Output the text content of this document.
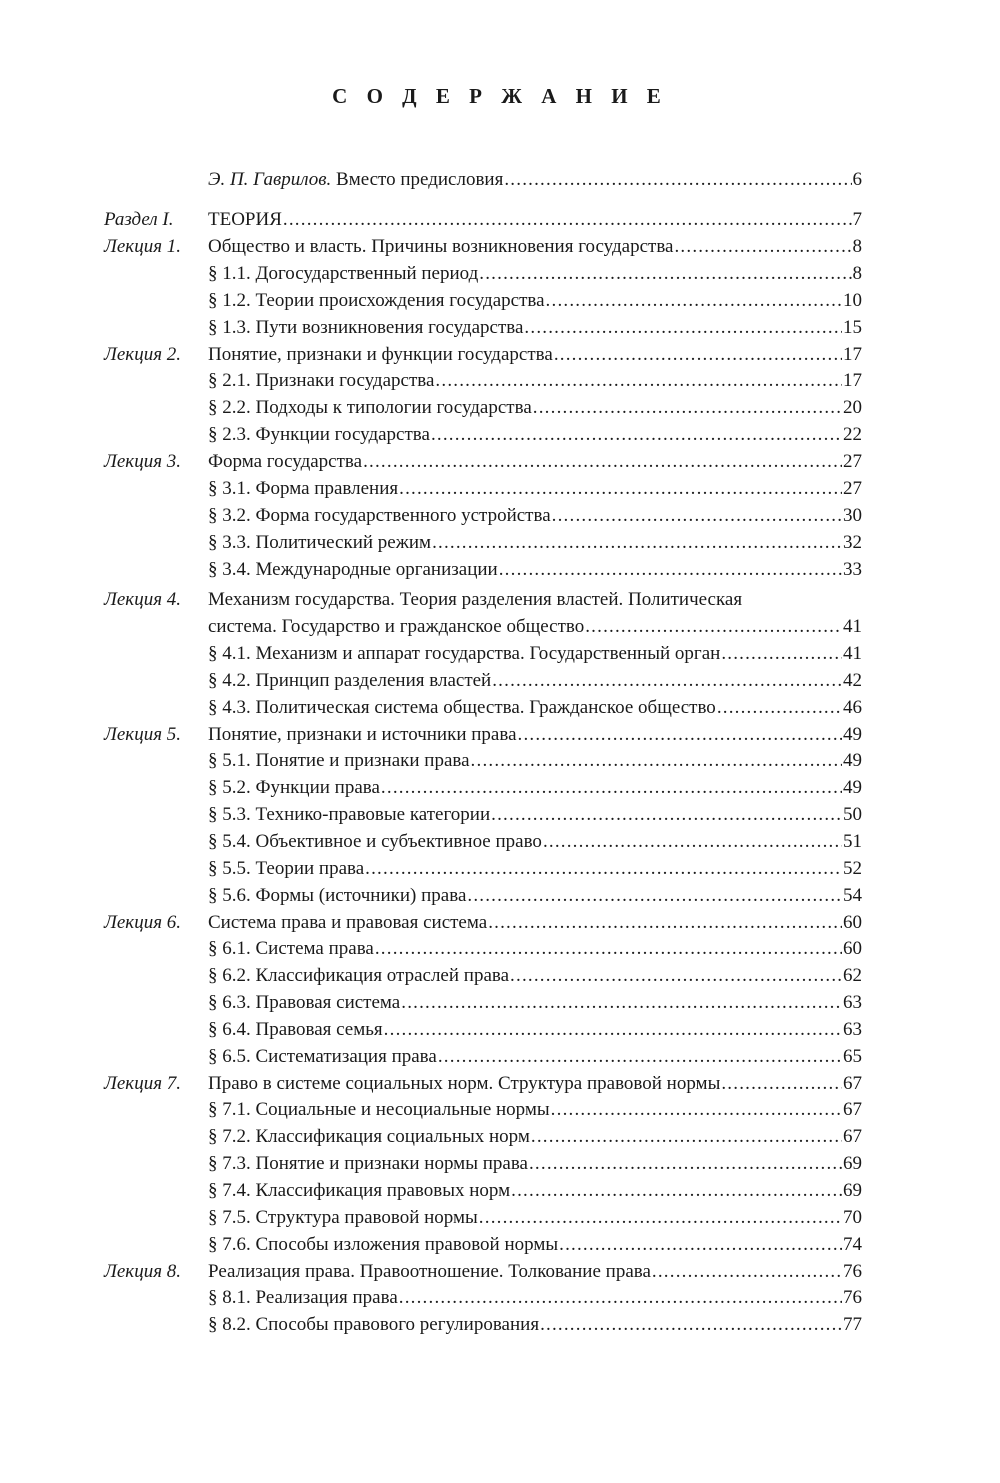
С О Д Е Р Ж А Н И Е
Э. П. Гаврилов. Вместо предисловия .....	6
Раздел I. ТЕОРИЯ .....	7
Лекция 1. Общество и власть. Причины возникновения государства .....	8
§ 1.1. Догосударственный период .....	8
§ 1.2. Теории происхождения государства .....	10
§ 1.3. Пути возникновения государства .....	15
Лекция 2. Понятие, признаки и функции государства .....	17
§ 2.1. Признаки государства .....	17
§ 2.2. Подходы к типологии государства .....	20
§ 2.3. Функции государства .....	22
Лекция 3. Форма государства .....	27
§ 3.1. Форма правления .....	27
§ 3.2. Форма государственного устройства .....	30
§ 3.3. Политический режим .....	32
§ 3.4. Международные организации .....	33
Лекция 4. Механизм государства. Теория разделения властей. Политическая
система. Государство и гражданское общество .....	41
§ 4.1. Механизм и аппарат государства. Государственный орган .....	41
§ 4.2. Принцип разделения властей .....	42
§ 4.3. Политическая система общества. Гражданское общество .....	46
Лекция 5. Понятие, признаки и источники права .....	49
§ 5.1. Понятие и признаки права .....	49
§ 5.2. Функции права .....	49
§ 5.3. Технико-правовые категории .....	50
§ 5.4. Объективное и субъективное право .....	51
§ 5.5. Теории права .....	52
§ 5.6. Формы (источники) права .....	54
Лекция 6. Система права и правовая система .....	60
§ 6.1. Система права .....	60
§ 6.2. Классификация отраслей права .....	62
§ 6.3. Правовая система .....	63
§ 6.4. Правовая семья .....	63
§ 6.5. Систематизация права .....	65
Лекция 7. Право в системе социальных норм. Структура правовой нормы .....	67
§ 7.1. Социальные и несоциальные нормы .....	67
§ 7.2. Классификация социальных норм .....	67
§ 7.3. Понятие и признаки нормы права .....	69
§ 7.4. Классификация правовых норм .....	69
§ 7.5. Структура правовой нормы .....	70
§ 7.6. Способы изложения правовой нормы .....	74
Лекция 8. Реализация права. Правоотношение. Толкование права .....	76
§ 8.1. Реализация права .....	76
§ 8.2. Способы правового регулирования .....	77
